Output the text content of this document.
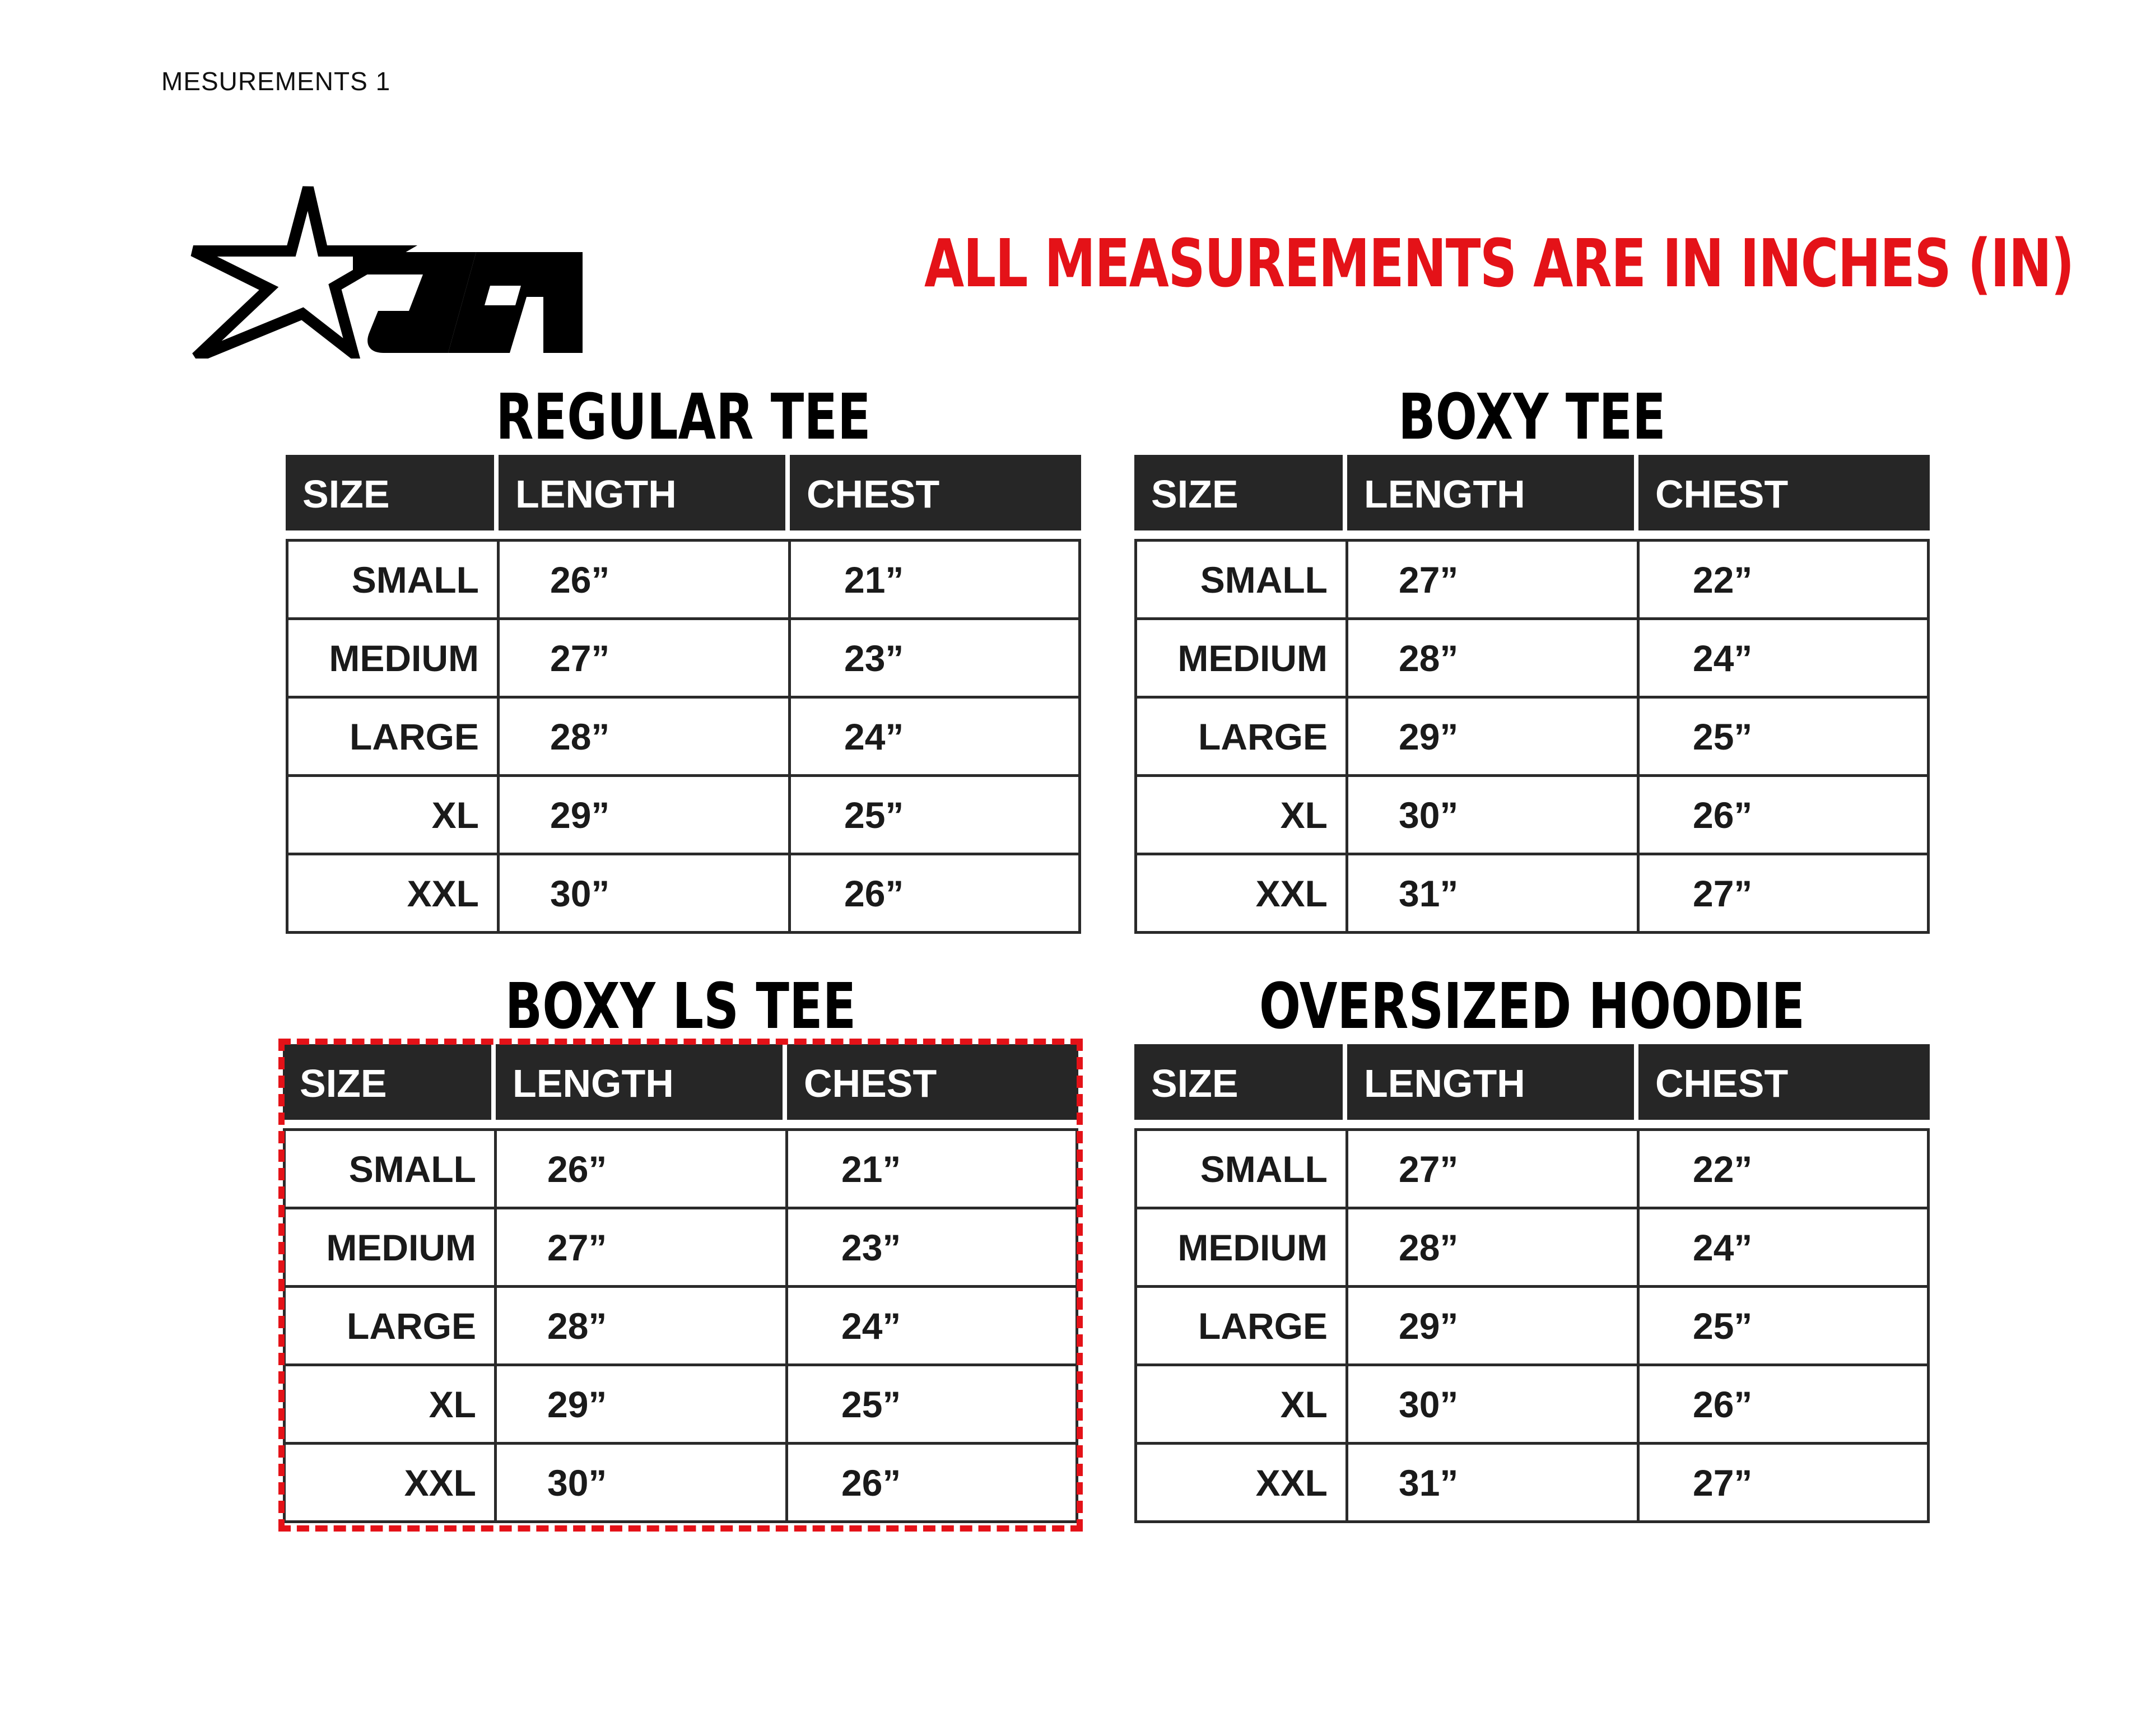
MESUREMENTS 1
ALL MEASUREMENTS ARE IN INCHES (IN)
REGULAR TEE
SIZE	LENGTH	CHEST
SMALL	26”	21”
MEDIUM	27”	23”
LARGE	28”	24”
XL	29”	25”
XXL	30”	26”
BOXY TEE
SIZE	LENGTH	CHEST
SMALL	27”	22”
MEDIUM	28”	24”
LARGE	29”	25”
XL	30”	26”
XXL	31”	27”
BOXY LS TEE
SIZE	LENGTH	CHEST
SMALL	26”	21”
MEDIUM	27”	23”
LARGE	28”	24”
XL	29”	25”
XXL	30”	26”
OVERSIZED HOODIE
SIZE	LENGTH	CHEST
SMALL	27”	22”
MEDIUM	28”	24”
LARGE	29”	25”
XL	30”	26”
XXL	31”	27”
